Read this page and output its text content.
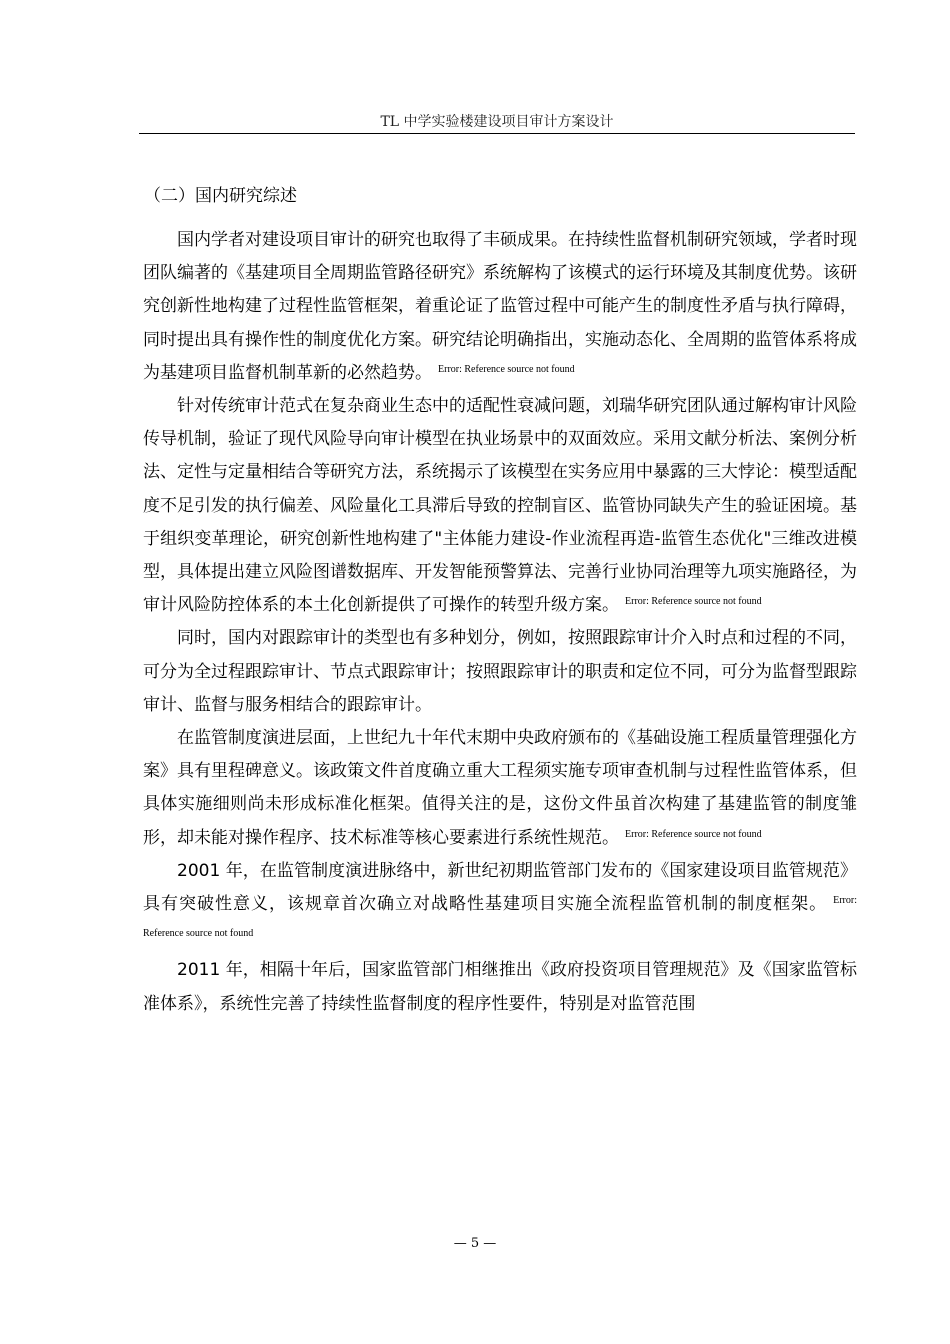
TL 中学实验楼建设项目审计方案设计
（二）国内研究综述

国内学者对建设项目审计的研究也取得了丰硕成果。在持续性监督机制研究领域，学者时现团队编著的《基建项目全周期监管路径研究》系统解构了该模式的运行环境及其制度优势。该研究创新性地构建了过程性监管框架，着重论证了监管过程中可能产生的制度性矛盾与执行障碍，同时提出具有操作性的制度优化方案。研究结论明确指出，实施动态化、全周期的监管体系将成为基建项目监督机制革新的必然趋势。 $^{Error: Reference source not found}$

针对传统审计范式在复杂商业生态中的适配性衰减问题，刘瑞华研究团队通过解构审计风险传导机制，验证了现代风险导向审计模型在执业场景中的双面效应。采用文献分析法、案例分析法、定性与定量相结合等研究方法，系统揭示了该模型在实务应用中暴露的三大悖论：模型适配度不足引发的执行偏差、风险量化工具滞后导致的控制盲区、监管协同缺失产生的验证困境。基于组织变革理论，研究创新性地构建了"主体能力建设-作业流程再造-监管生态优化"三维改进模型，具体提出建立风险图谱数据库、开发智能预警算法、完善行业协同治理等九项实施路径，为审计风险防控体系的本土化创新提供了可操作的转型升级方案。 $^{Error: Reference source not found}$

同时，国内对跟踪审计的类型也有多种划分，例如，按照跟踪审计介入时点和过程的不同，可分为全过程跟踪审计、节点式跟踪审计；按照跟踪审计的职责和定位不同，可分为监督型跟踪审计、监督与服务相结合的跟踪审计。

在监管制度演进层面，上世纪九十年代末期中央政府颁布的《基础设施工程质量管理强化方案》具有里程碑意义。该政策文件首度确立重大工程须实施专项审查机制与过程性监管体系，但具体实施细则尚未形成标准化框架。值得关注的是，这份文件虽首次构建了基建监管的制度雏形，却未能对操作程序、技术标准等核心要素进行系统性规范。 $^{Error: Reference source not found}$

2001 年，在监管制度演进脉络中，新世纪初期监管部门发布的《国家建设项目监管规范》具有突破性意义，该规章首次确立对战略性基建项目实施全流程监管机制的制度框架。 $^{Error: Reference source not found}$

2011 年，相隔十年后，国家监管部门相继推出《政府投资项目管理规范》及《国家监管标准体系》，系统性完善了持续性监督制度的程序性要件，特别是对监管范围

— 5 —
